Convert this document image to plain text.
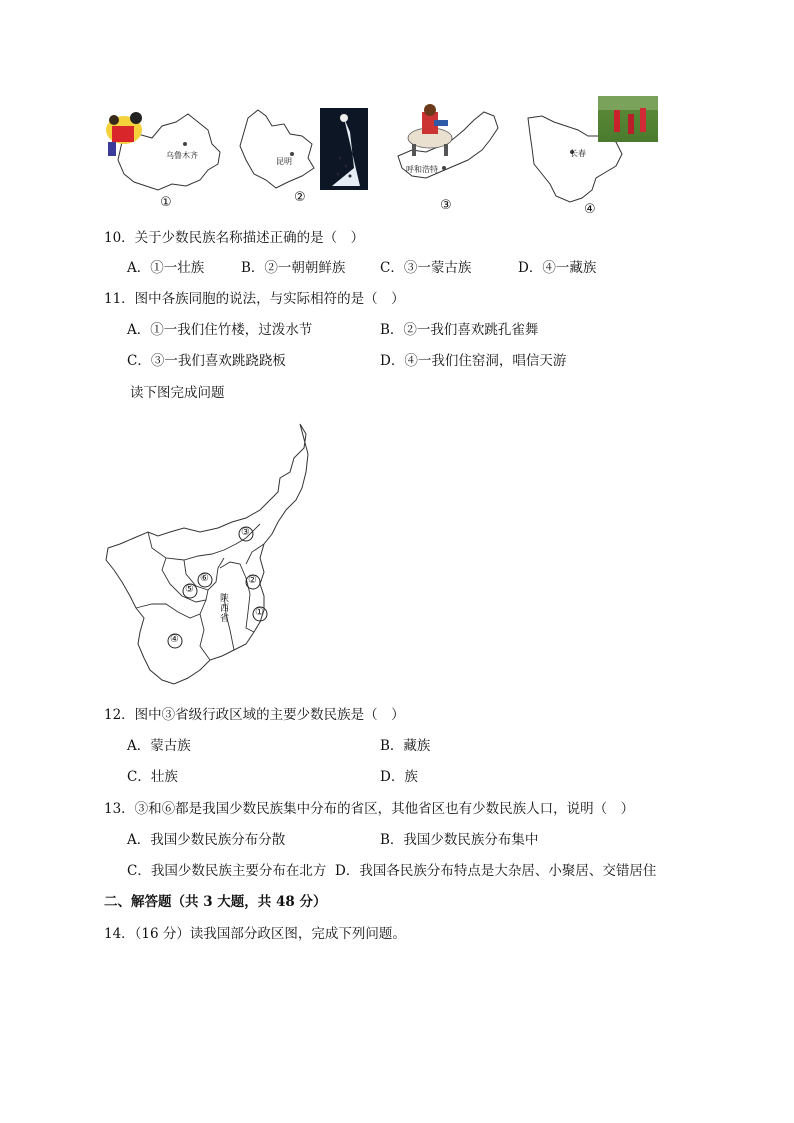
乌鲁木齐
①
昆明
②
呼和浩特
③
长春
④
10．关于少数民族名称描述正确的是（　）
A．①一壮族	B．②一朝朝鲜族	C．③一蒙古族	D．④一藏族
11．图中各族同胞的说法，与实际相符的是（　）
A．①一我们住竹楼，过泼水节	B．②一我们喜欢跳孔雀舞
C．③一我们喜欢跳跷跷板	D．④一我们住窑洞，唱信天游
读下图完成问题
③
⑥	②
⑤
①
④
陕西省
12．图中③省级行政区域的主要少数民族是（　）
A．蒙古族	B．藏族
C．壮族	D．族
13．③和⑥都是我国少数民族集中分布的省区，其他省区也有少数民族人口，说明（　）
A．我国少数民族分布分散	B．我国少数民族分布集中
C．我国少数民族主要分布在北方 D．我国各民族分布特点是大杂居、小聚居、交错居住
二、解答题（共 3 大题，共 48 分）
14．（16 分）读我国部分政区图，完成下列问题。
